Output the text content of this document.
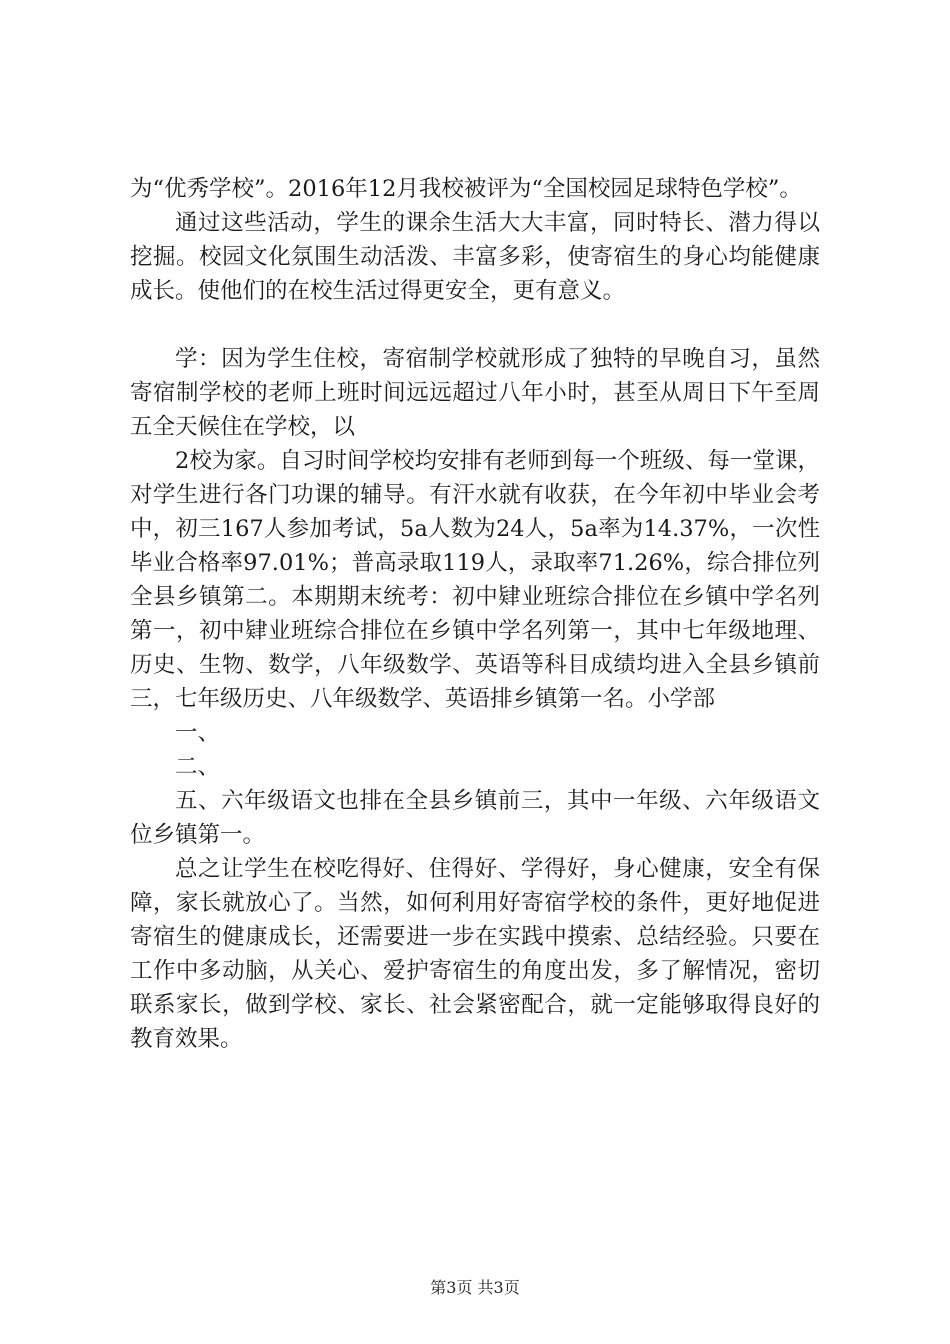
为“优秀学校”。2016年12月我校被评为“全国校园足球特色学校”。

通过这些活动，学生的课余生活大大丰富，同时特长、潜力得以挖掘。校园文化氛围生动活泼、丰富多彩，使寄宿生的身心均能健康成长。使他们的在校生活过得更安全，更有意义。

学：因为学生住校，寄宿制学校就形成了独特的早晚自习，虽然寄宿制学校的老师上班时间远远超过八年小时，甚至从周日下午至周五全天候住在学校，以

2校为家。自习时间学校均安排有老师到每一个班级、每一堂课，对学生进行各门功课的辅导。有汗水就有收获，在今年初中毕业会考中，初三167人参加考试，5a人数为24人，5a率为14.37%，一次性毕业合格率97.01%；普高录取119人，录取率71.26%，综合排位列全县乡镇第二。本期期末统考：初中肄业班综合排位在乡镇中学名列第一，初中肄业班综合排位在乡镇中学名列第一，其中七年级地理、历史、生物、数学，八年级数学、英语等科目成绩均进入全县乡镇前三，七年级历史、八年级数学、英语排乡镇第一名。小学部

一、

二、

五、六年级语文也排在全县乡镇前三，其中一年级、六年级语文位乡镇第一。

总之让学生在校吃得好、住得好、学得好，身心健康，安全有保障，家长就放心了。当然，如何利用好寄宿学校的条件，更好地促进寄宿生的健康成长，还需要进一步在实践中摸索、总结经验。只要在工作中多动脑，从关心、爱护寄宿生的角度出发，多了解情况，密切联系家长，做到学校、家长、社会紧密配合，就一定能够取得良好的教育效果。

第3页 共3页
